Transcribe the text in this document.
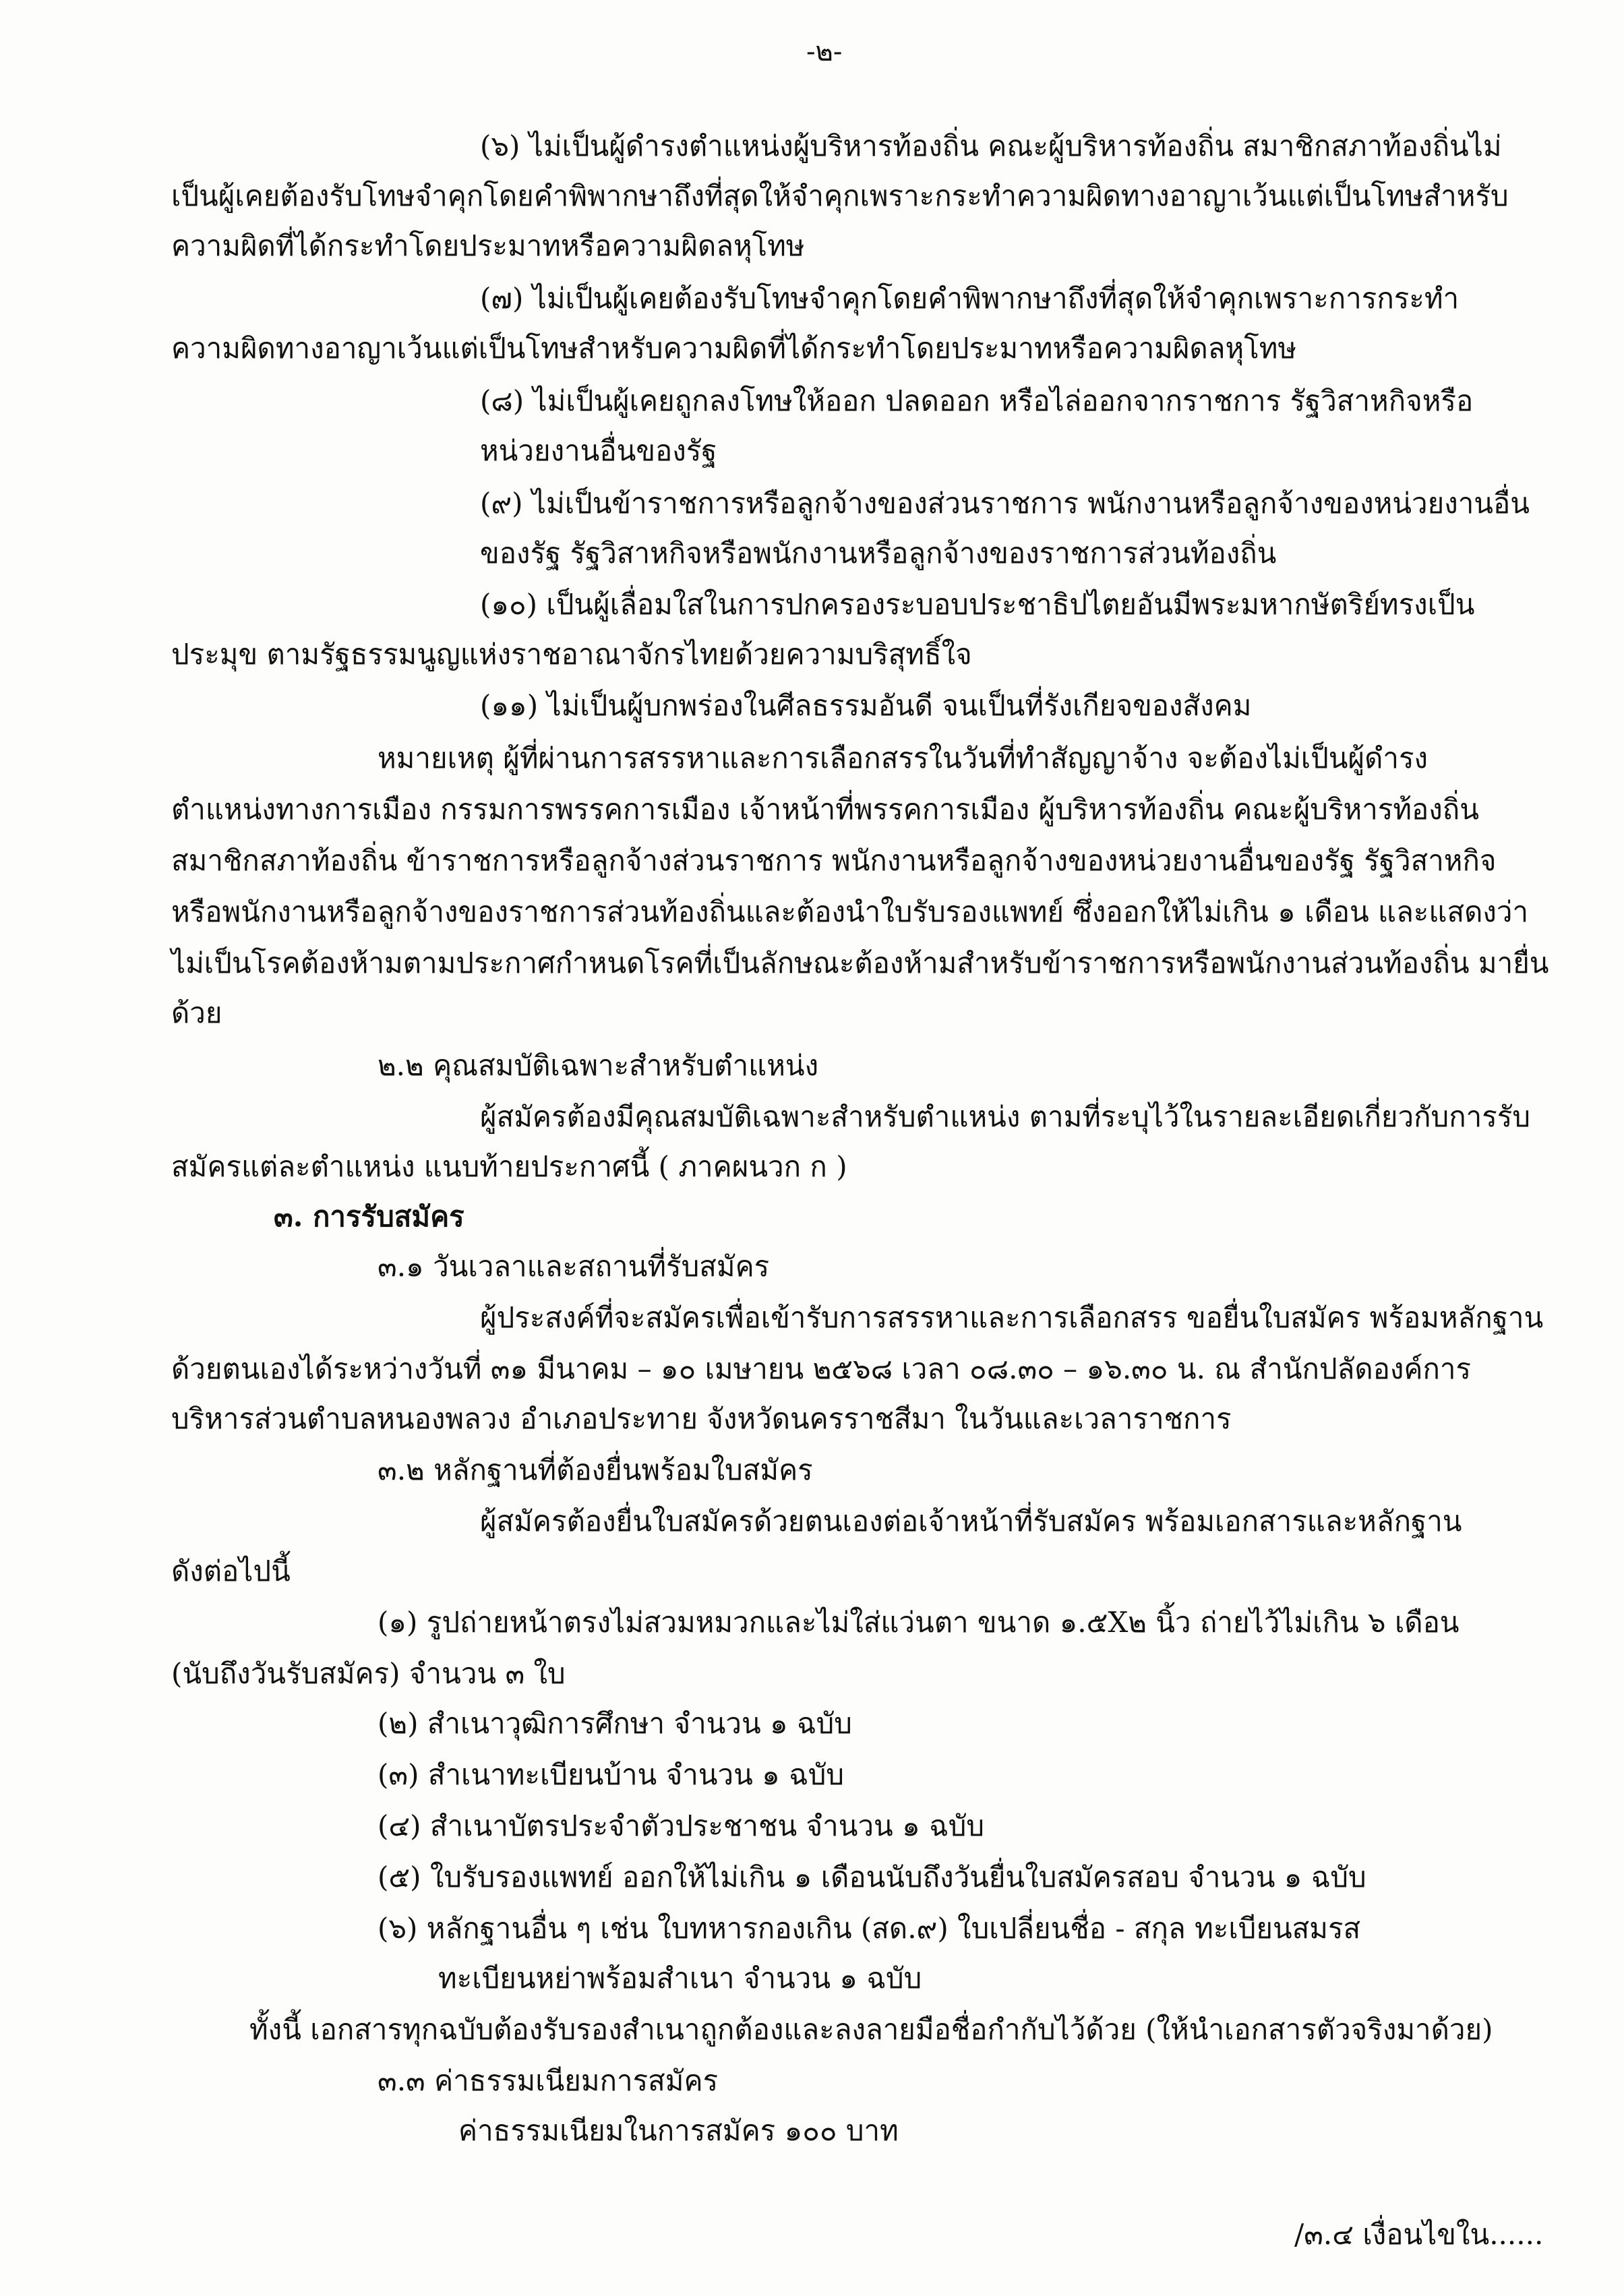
-๒-
(๖) ไม่เป็นผู้ดำรงตำแหน่งผู้บริหารท้องถิ่น คณะผู้บริหารท้องถิ่น สมาชิกสภาท้องถิ่นไม่
เป็นผู้เคยต้องรับโทษจำคุกโดยคำพิพากษาถึงที่สุดให้จำคุกเพราะกระทำความผิดทางอาญาเว้นแต่เป็นโทษสำหรับ
ความผิดที่ได้กระทำโดยประมาทหรือความผิดลหุโทษ
(๗) ไม่เป็นผู้เคยต้องรับโทษจำคุกโดยคำพิพากษาถึงที่สุดให้จำคุกเพราะการกระทำ
ความผิดทางอาญาเว้นแต่เป็นโทษสำหรับความผิดที่ได้กระทำโดยประมาทหรือความผิดลหุโทษ
(๘) ไม่เป็นผู้เคยถูกลงโทษให้ออก ปลดออก หรือไล่ออกจากราชการ รัฐวิสาหกิจหรือ
หน่วยงานอื่นของรัฐ
(๙) ไม่เป็นข้าราชการหรือลูกจ้างของส่วนราชการ พนักงานหรือลูกจ้างของหน่วยงานอื่น
ของรัฐ รัฐวิสาหกิจหรือพนักงานหรือลูกจ้างของราชการส่วนท้องถิ่น
(๑๐) เป็นผู้เลื่อมใสในการปกครองระบอบประชาธิปไตยอันมีพระมหากษัตริย์ทรงเป็น
ประมุข ตามรัฐธรรมนูญแห่งราชอาณาจักรไทยด้วยความบริสุทธิ์ใจ
(๑๑) ไม่เป็นผู้บกพร่องในศีลธรรมอันดี จนเป็นที่รังเกียจของสังคม
หมายเหตุ ผู้ที่ผ่านการสรรหาและการเลือกสรรในวันที่ทำสัญญาจ้าง จะต้องไม่เป็นผู้ดำรง
ตำแหน่งทางการเมือง กรรมการพรรคการเมือง เจ้าหน้าที่พรรคการเมือง ผู้บริหารท้องถิ่น คณะผู้บริหารท้องถิ่น
สมาชิกสภาท้องถิ่น ข้าราชการหรือลูกจ้างส่วนราชการ พนักงานหรือลูกจ้างของหน่วยงานอื่นของรัฐ รัฐวิสาหกิจ
หรือพนักงานหรือลูกจ้างของราชการส่วนท้องถิ่นและต้องนำใบรับรองแพทย์ ซึ่งออกให้ไม่เกิน ๑ เดือน และแสดงว่า
ไม่เป็นโรคต้องห้ามตามประกาศกำหนดโรคที่เป็นลักษณะต้องห้ามสำหรับข้าราชการหรือพนักงานส่วนท้องถิ่น มายื่น
ด้วย
๒.๒ คุณสมบัติเฉพาะสำหรับตำแหน่ง
ผู้สมัครต้องมีคุณสมบัติเฉพาะสำหรับตำแหน่ง ตามที่ระบุไว้ในรายละเอียดเกี่ยวกับการรับ
สมัครแต่ละตำแหน่ง แนบท้ายประกาศนี้ ( ภาคผนวก ก )
๓. การรับสมัคร
๓.๑ วันเวลาและสถานที่รับสมัคร
ผู้ประสงค์ที่จะสมัครเพื่อเข้ารับการสรรหาและการเลือกสรร ขอยื่นใบสมัคร พร้อมหลักฐาน
ด้วยตนเองได้ระหว่างวันที่ ๓๑ มีนาคม – ๑๐ เมษายน ๒๕๖๘ เวลา ๐๘.๓๐ – ๑๖.๓๐ น. ณ สำนักปลัดองค์การ
บริหารส่วนตำบลหนองพลวง อำเภอประทาย จังหวัดนครราชสีมา ในวันและเวลาราชการ
๓.๒ หลักฐานที่ต้องยื่นพร้อมใบสมัคร
ผู้สมัครต้องยื่นใบสมัครด้วยตนเองต่อเจ้าหน้าที่รับสมัคร พร้อมเอกสารและหลักฐาน
ดังต่อไปนี้
(๑) รูปถ่ายหน้าตรงไม่สวมหมวกและไม่ใส่แว่นตา ขนาด ๑.๕X๒ นิ้ว ถ่ายไว้ไม่เกิน ๖ เดือน
(นับถึงวันรับสมัคร) จำนวน ๓ ใบ
(๒) สำเนาวุฒิการศึกษา จำนวน ๑ ฉบับ
(๓) สำเนาทะเบียนบ้าน จำนวน ๑ ฉบับ
(๔) สำเนาบัตรประจำตัวประชาชน จำนวน ๑ ฉบับ
(๕) ใบรับรองแพทย์ ออกให้ไม่เกิน ๑ เดือนนับถึงวันยื่นใบสมัครสอบ จำนวน ๑ ฉบับ
(๖) หลักฐานอื่น ๆ เช่น ใบทหารกองเกิน (สด.๙) ใบเปลี่ยนชื่อ - สกุล ทะเบียนสมรส
ทะเบียนหย่าพร้อมสำเนา จำนวน ๑ ฉบับ
ทั้งนี้ เอกสารทุกฉบับต้องรับรองสำเนาถูกต้องและลงลายมือชื่อกำกับไว้ด้วย (ให้นำเอกสารตัวจริงมาด้วย)
๓.๓ ค่าธรรมเนียมการสมัคร
ค่าธรรมเนียมในการสมัคร ๑๐๐ บาท
/๓.๔ เงื่อนไขใน......
